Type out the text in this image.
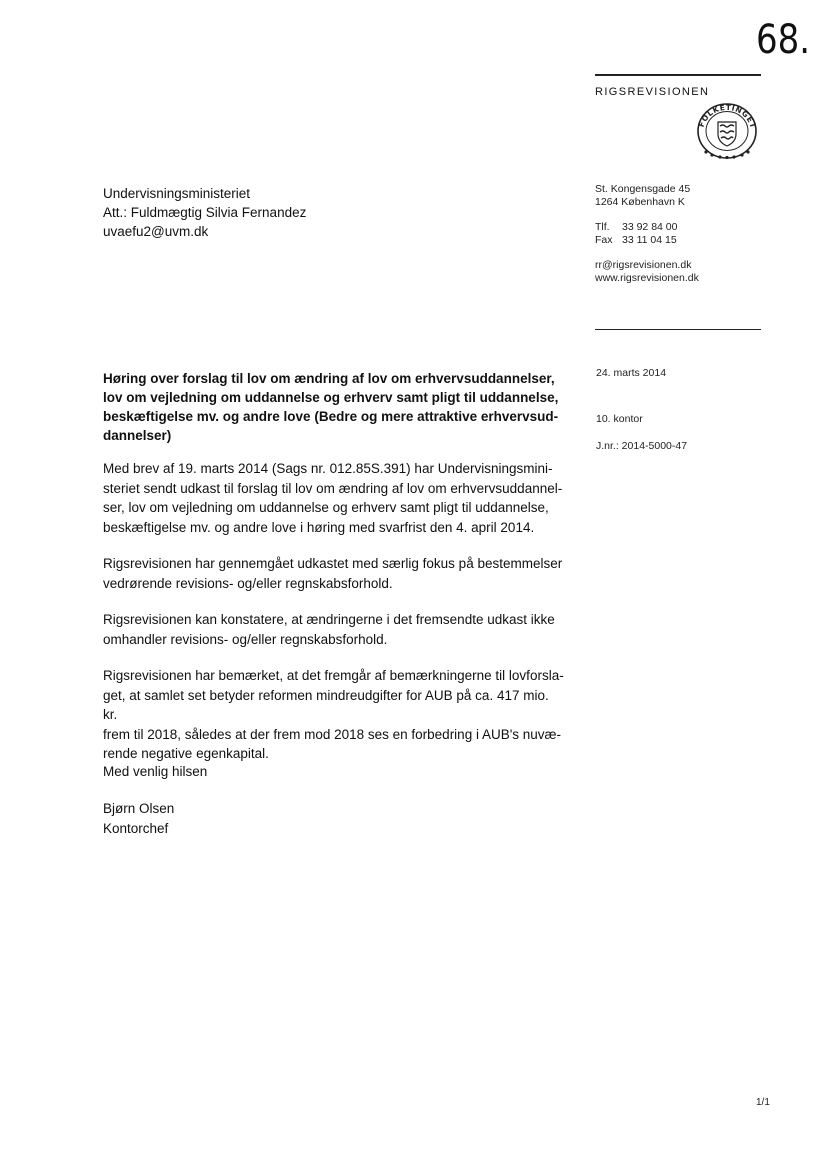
68.
RIGSREVISIONEN
FOLKETINGET
Undervisningsministeriet
Att.: Fuldmægtig Silvia Fernandez
uvaefu2@uvm.dk
St. Kongensgade 45
1264 København K
Tlf. 33 92 84 00
Fax 33 11 04 15
rr@rigsrevisionen.dk
www.rigsrevisionen.dk
24. marts 2014
10. kontor
J.nr.: 2014-5000-47
Høring over forslag til lov om ændring af lov om erhvervsuddannelser,
lov om vejledning om uddannelse og erhverv samt pligt til uddannelse,
beskæftigelse mv. og andre love (Bedre og mere attraktive erhvervsud-
dannelser)
Med brev af 19. marts 2014 (Sags nr. 012.85S.391) har Undervisningsmini-
steriet sendt udkast til forslag til lov om ændring af lov om erhvervsuddannel-
ser, lov om vejledning om uddannelse og erhverv samt pligt til uddannelse,
beskæftigelse mv. og andre love i høring med svarfrist den 4. april 2014.
Rigsrevisionen har gennemgået udkastet med særlig fokus på bestemmelser
vedrørende revisions- og/eller regnskabsforhold.
Rigsrevisionen kan konstatere, at ændringerne i det fremsendte udkast ikke
omhandler revisions- og/eller regnskabsforhold.
Rigsrevisionen har bemærket, at det fremgår af bemærkningerne til lovforsla-
get, at samlet set betyder reformen mindreudgifter for AUB på ca. 417 mio. kr.
frem til 2018, således at der frem mod 2018 ses en forbedring i AUB's nuvæ-
rende negative egenkapital.
Med venlig hilsen
Bjørn Olsen
Kontorchef
1/1
